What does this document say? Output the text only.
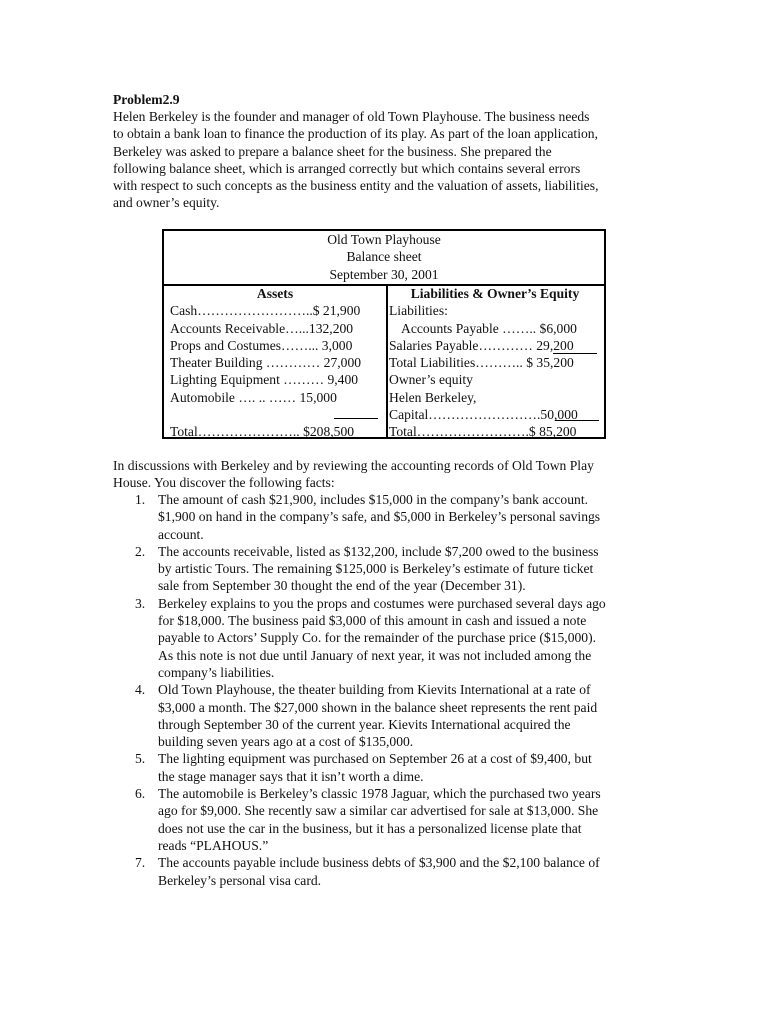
Problem2.9

Helen Berkeley is the founder and manager of old Town Playhouse. The business needs

to obtain a bank loan to finance the production of its play. As part of the loan application,

Berkeley was asked to prepare a balance sheet for the business. She prepared the

following balance sheet, which is arranged correctly but which contains several errors

with respect to such concepts as the business entity and the valuation of assets, liabilities,

and owner’s equity.

Old Town Playhouse
Balance sheet
September 30, 2001
Assets
Cash……………………..$ 21,900
Accounts Receivable…...132,200
Props and Costumes……... 3,000
Theater Building ………… 27,000
Lighting Equipment ……… 9,400
Automobile …. .. …… 15,000
Total………………….. $208,500
Liabilities & Owner’s Equity
Liabilities:
Accounts Payable …….. $6,000
Salaries Payable………… 29,200
Total Liabilities……….. $ 35,200
Owner’s equity
Helen Berkeley,
Capital…………………….50,000
Total…………………….$ 85,200

In discussions with Berkeley and by reviewing the accounting records of Old Town Play

House. You discover the following facts:

1. The amount of cash $21,900, includes $15,000 in the company’s bank account.
$1,900 on hand in the company’s safe, and $5,000 in Berkeley’s personal savings
account.
2. The accounts receivable, listed as $132,200, include $7,200 owed to the business
by artistic Tours. The remaining $125,000 is Berkeley’s estimate of future ticket
sale from September 30 thought the end of the year (December 31).
3. Berkeley explains to you the props and costumes were purchased several days ago
for $18,000. The business paid $3,000 of this amount in cash and issued a note
payable to Actors’ Supply Co. for the remainder of the purchase price ($15,000).
As this note is not due until January of next year, it was not included among the
company’s liabilities.
4. Old Town Playhouse, the theater building from Kievits International at a rate of
$3,000 a month. The $27,000 shown in the balance sheet represents the rent paid
through September 30 of the current year. Kievits International acquired the
building seven years ago at a cost of $135,000.
5. The lighting equipment was purchased on September 26 at a cost of $9,400, but
the stage manager says that it isn’t worth a dime.
6. The automobile is Berkeley’s classic 1978 Jaguar, which the purchased two years
ago for $9,000. She recently saw a similar car advertised for sale at $13,000. She
does not use the car in the business, but it has a personalized license plate that
reads “PLAHOUS.”
7. The accounts payable include business debts of $3,900 and the $2,100 balance of
Berkeley’s personal visa card.
